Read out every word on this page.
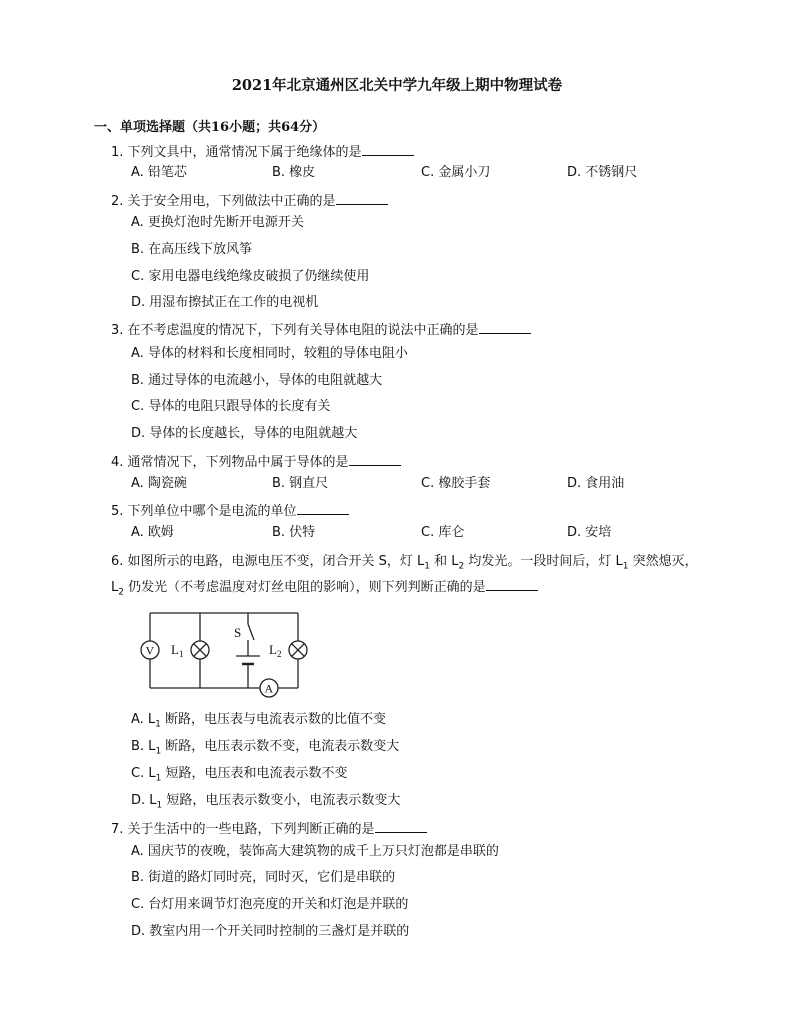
2021年北京通州区北关中学九年级上期中物理试卷
一、单项选择题（共16小题；共64分）
1. 下列文具中，通常情况下属于绝缘体的是
A. 铅笔芯	B. 橡皮	C. 金属小刀	D. 不锈钢尺
2. 关于安全用电，下列做法中正确的是
A. 更换灯泡时先断开电源开关
B. 在高压线下放风筝
C. 家用电器电线绝缘皮破损了仍继续使用
D. 用湿布擦拭正在工作的电视机
3. 在不考虑温度的情况下，下列有关导体电阻的说法中正确的是
A. 导体的材料和长度相同时，较粗的导体电阻小
B. 通过导体的电流越小，导体的电阻就越大
C. 导体的电阻只跟导体的长度有关
D. 导体的长度越长，导体的电阻就越大
4. 通常情况下，下列物品中属于导体的是
A. 陶瓷碗	B. 钢直尺	C. 橡胶手套	D. 食用油
5. 下列单位中哪个是电流的单位
A. 欧姆	B. 伏特	C. 库仑	D. 安培
6. 如图所示的电路，电源电压不变，闭合开关 S，灯 $L_1$ 和 $L_2$ 均发光。一段时间后，灯 $L_1$ 突然熄灭，
$L_2$ 仍发光（不考虑温度对灯丝电阻的影响），则下列判断正确的是
V
A
S
$L_1$	$L_2$
A. $L_1$ 断路，电压表与电流表示数的比值不变
B. $L_1$ 断路，电压表示数不变，电流表示数变大
C. $L_1$ 短路，电压表和电流表示数不变
D. $L_1$ 短路，电压表示数变小，电流表示数变大
7. 关于生活中的一些电路，下列判断正确的是
A. 国庆节的夜晚，装饰高大建筑物的成千上万只灯泡都是串联的
B. 街道的路灯同时亮，同时灭，它们是串联的
C. 台灯用来调节灯泡亮度的开关和灯泡是并联的
D. 教室内用一个开关同时控制的三盏灯是并联的
